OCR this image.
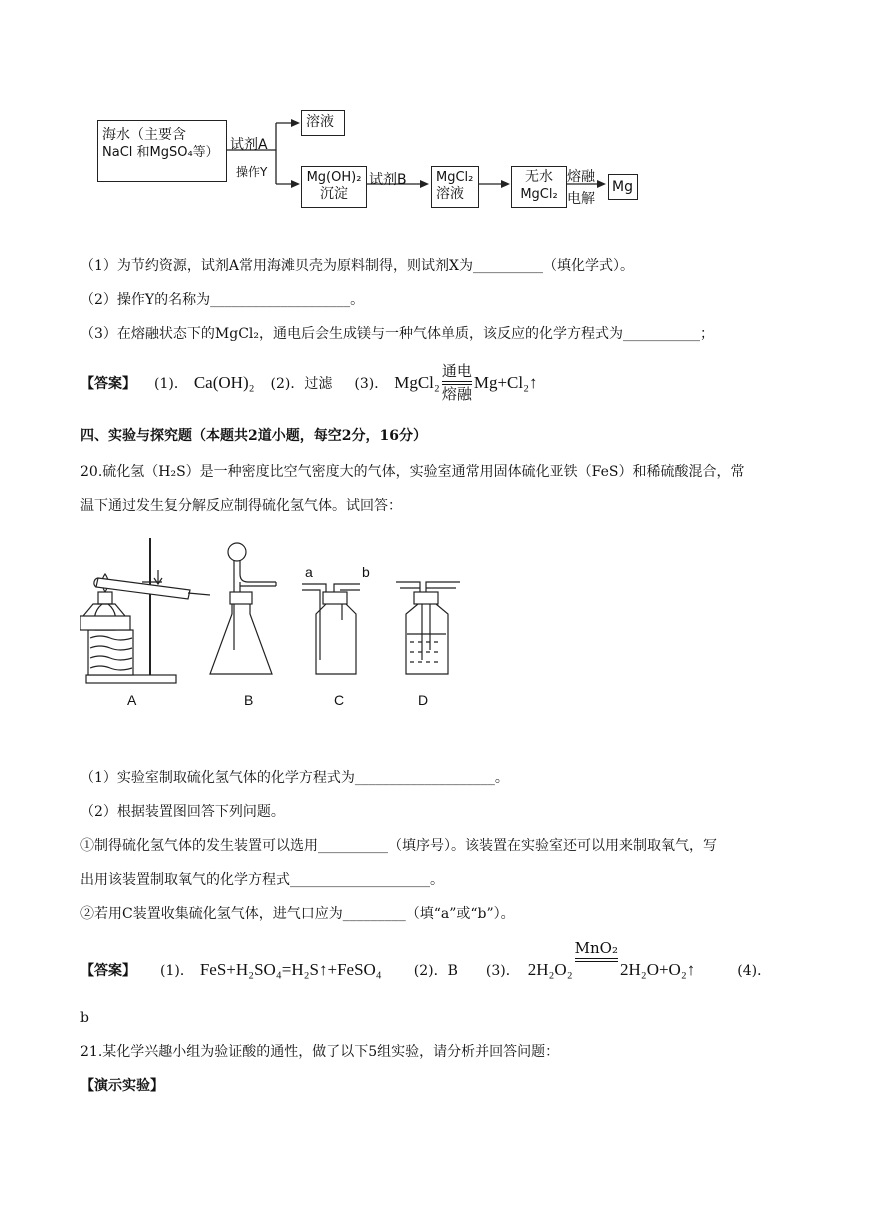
海水（主要含
NaCl 和MgSO₄等） 试剂A
操作Y
溶液
Mg(OH)₂
沉淀
试剂B MgCl₂
溶液
无水
MgCl₂
熔融
电解
Mg
（1）为节约资源，试剂A常用海滩贝壳为原料制得，则试剂X为__________（填化学式）。
（2）操作Y的名称为____________________。
（3）在熔融状态下的MgCl₂，通电后会生成镁与一种气体单质，该反应的化学方程式为___________；
【答案】 (1)． Ca(OH)₂ (2)．过滤 (3)． MgCl₂
通电
熔融
Mg+Cl₂↑
四、实验与探究题（本题共2道小题，每空2分，16分）
20.硫化氢（H₂S）是一种密度比空气密度大的气体，实验室通常用固体硫化亚铁（FeS）和稀硫酸混合，常
温下通过发生复分解反应制得硫化氢气体。试回答：
a	b
A	B	C	D
（1）实验室制取硫化氢气体的化学方程式为____________________。
（2）根据装置图回答下列问题。
①制得硫化氢气体的发生装置可以选用__________（填序号）。该装置在实验室还可以用来制取氧气，写
出用该装置制取氧气的化学方程式____________________。
②若用C装置收集硫化氢气体，进气口应为_________（填“a”或“b”）。
【答案】 (1)． FeS+H₂SO₄=H₂S↑+FeSO₄ (2)．B (3)． 2H₂O₂
MnO₂

2H₂O+O₂↑	(4)．
b
21.某化学兴趣小组为验证酸的通性，做了以下5组实验，请分析并回答问题：
【演示实验】
